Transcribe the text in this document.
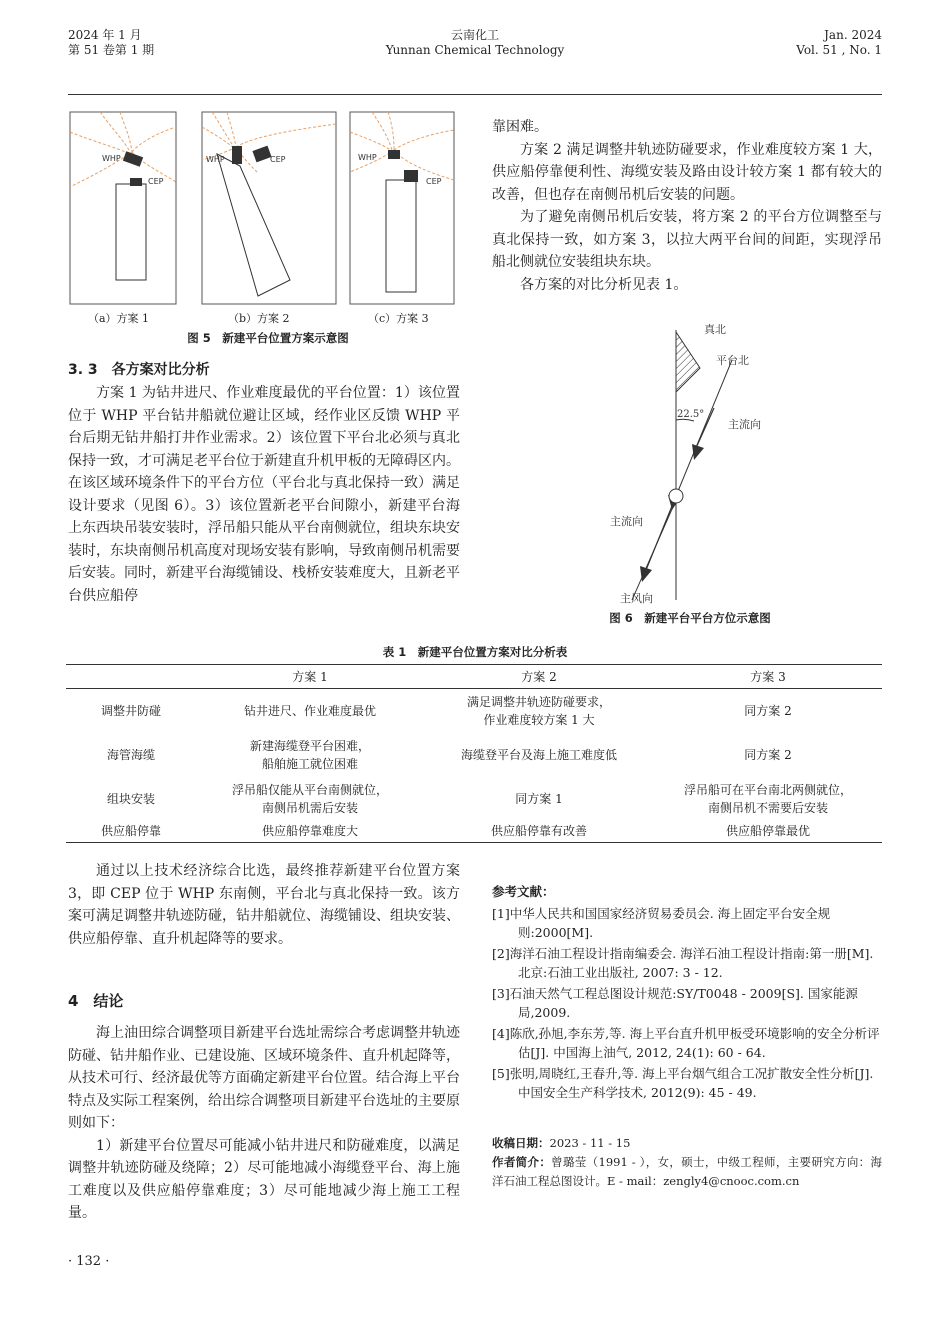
2024 年 1 月
第 51 卷第 1 期
云南化工
Yunnan Chemical Technology
Jan. 2024
Vol. 51 , No. 1
WHP
CEP
WHP	CEP	WHP
CEP
（a）方案 1	（b）方案 2	（c）方案 3
图 5　新建平台位置方案示意图
3. 3　各方案对比分析

方案 1 为钻井进尺、作业难度最优的平台位置：1）该位置位于 WHP 平台钻井船就位避让区域，经作业区反馈 WHP 平台后期无钻井船打井作业需求。2）该位置下平台北必须与真北保持一致，才可满足老平台位于新建直升机甲板的无障碍区内。在该区域环境条件下的平台方位（平台北与真北保持一致）满足设计要求（见图 6）。3）该位置新老平台间隙小，新建平台海上东西块吊装安装时，浮吊船只能从平台南侧就位，组块东块安装时，东块南侧吊机高度对现场安装有影响，导致南侧吊机需要后安装。同时，新建平台海缆铺设、栈桥安装难度大，且新老平台供应船停

靠困难。

方案 2 满足调整井轨迹防碰要求，作业难度较方案 1 大，供应船停靠便利性、海缆安装及路由设计较方案 1 都有较大的改善，但也存在南侧吊机后安装的问题。

为了避免南侧吊机后安装，将方案 2 的平台方位调整至与真北保持一致，如方案 3，以拉大两平台间的间距，实现浮吊船北侧就位安装组块东块。

各方案的对比分析见表 1。

真北
平台北
22.5°
主流向
主流向
主风向
图 6　新建平台平台方位示意图
表 1　新建平台位置方案对比分析表
	方案 1	方案 2	方案 3
调整井防碰	钻井进尺、作业难度最优	满足调整井轨迹防碰要求，
作业难度较方案 1 大	同方案 2
海管海缆	新建海缆登平台困难，
船舶施工就位困难	海缆登平台及海上施工难度低	同方案 2
组块安装	浮吊船仅能从平台南侧就位，
南侧吊机需后安装	同方案 1	浮吊船可在平台南北两侧就位，
南侧吊机不需要后安装
供应船停靠	供应船停靠难度大	供应船停靠有改善	供应船停靠最优

通过以上技术经济综合比选，最终推荐新建平台位置方案 3，即 CEP 位于 WHP 东南侧，平台北与真北保持一致。该方案可满足调整井轨迹防碰，钻井船就位、海缆铺设、组块安装、供应船停靠、直升机起降等的要求。

4　结论

海上油田综合调整项目新建平台选址需综合考虑调整井轨迹防碰、钻井船作业、已建设施、区域环境条件、直升机起降等，从技术可行、经济最优等方面确定新建平台位置。结合海上平台特点及实际工程案例，给出综合调整项目新建平台选址的主要原则如下：

1）新建平台位置尽可能减小钻井进尺和防碰难度，以满足调整井轨迹防碰及绕障；2）尽可能地减小海缆登平台、海上施工难度以及供应船停靠难度；3）尽可能地减少海上施工工程量。

参考文献：

[1]中华人民共和国国家经济贸易委员会. 海上固定平台安全规则:2000[M].

[2]海洋石油工程设计指南编委会. 海洋石油工程设计指南:第一册[M]. 北京:石油工业出版社, 2007: 3 - 12.

[3]石油天然气工程总图设计规范:SY/T0048 - 2009[S]. 国家能源局,2009.

[4]陈欣,孙旭,李东芳,等. 海上平台直升机甲板受环境影响的安全分析评估[J]. 中国海上油气, 2012, 24(1): 60 - 64.

[5]张明,周晓红,王春升,等. 海上平台烟气组合工况扩散安全性分析[J]. 中国安全生产科学技术, 2012(9): 45 - 49.

收稿日期：2023 - 11 - 15
作者简介：曾璐莹（1991 - ），女，硕士，中级工程师，主要研究方向：海洋石油工程总图设计。E - mail：zengly4@cnooc.com.cn
· 132 ·
